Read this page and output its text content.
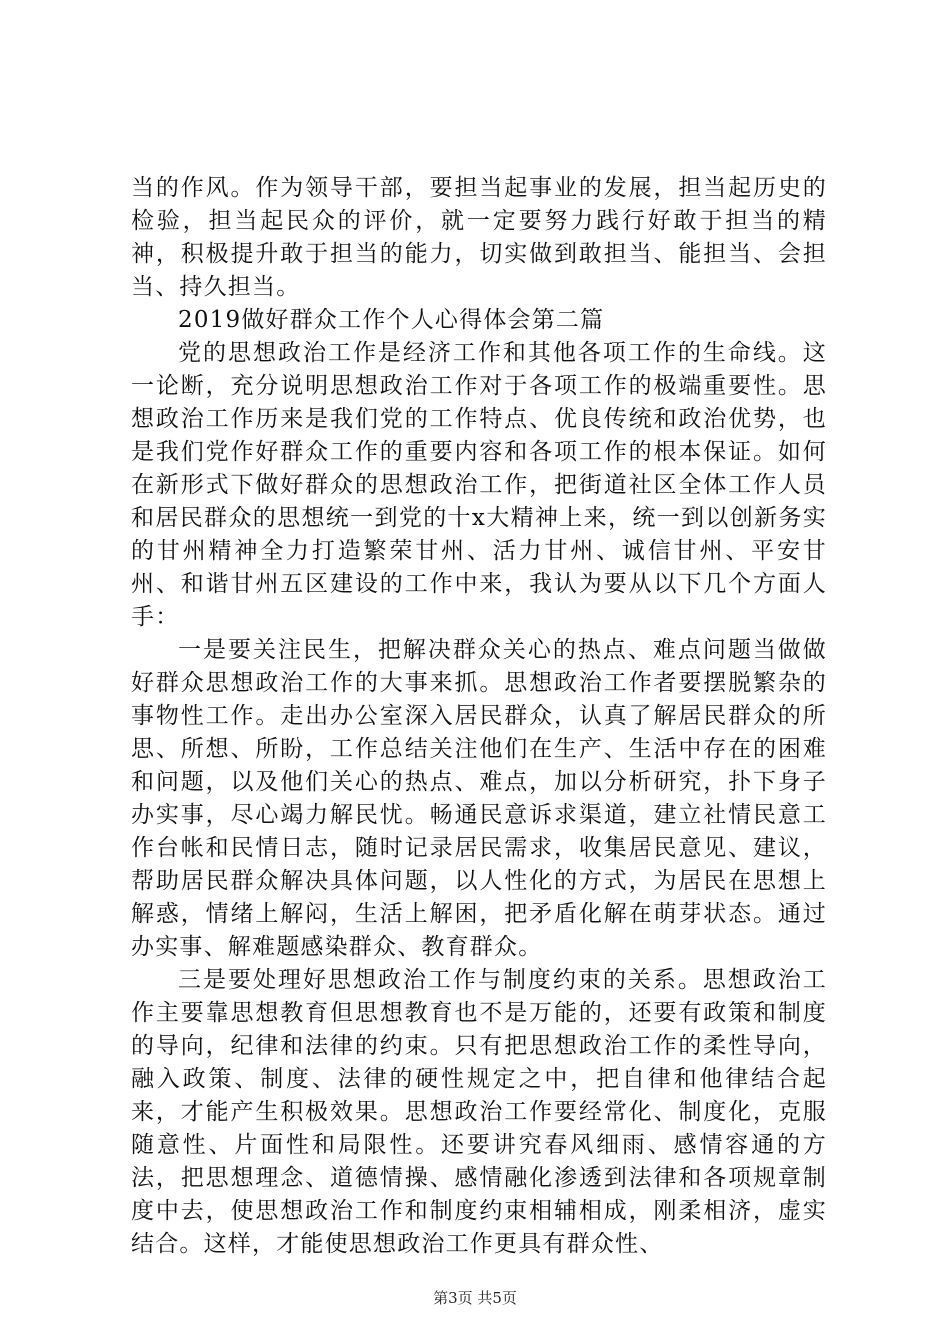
当的作风。作为领导干部，要担当起事业的发展，担当起历史的检验，担当起民众的评价，就一定要努力践行好敢于担当的精神，积极提升敢于担当的能力，切实做到敢担当、能担当、会担当、持久担当。

2019做好群众工作个人心得体会第二篇

党的思想政治工作是经济工作和其他各项工作的生命线。这一论断，充分说明思想政治工作对于各项工作的极端重要性。思想政治工作历来是我们党的工作特点、优良传统和政治优势，也是我们党作好群众工作的重要内容和各项工作的根本保证。如何在新形式下做好群众的思想政治工作，把街道社区全体工作人员和居民群众的思想统一到党的十x大精神上来，统一到以创新务实的甘州精神全力打造繁荣甘州、活力甘州、诚信甘州、平安甘州、和谐甘州五区建设的工作中来，我认为要从以下几个方面人手：

一是要关注民生，把解决群众关心的热点、难点问题当做做好群众思想政治工作的大事来抓。思想政治工作者要摆脱繁杂的事物性工作。走出办公室深入居民群众，认真了解居民群众的所思、所想、所盼，工作总结关注他们在生产、生活中存在的困难和问题，以及他们关心的热点、难点，加以分析研究，扑下身子办实事，尽心竭力解民忧。畅通民意诉求渠道，建立社情民意工作台帐和民情日志，随时记录居民需求，收集居民意见、建议，帮助居民群众解决具体问题，以人性化的方式，为居民在思想上解惑，情绪上解闷，生活上解困，把矛盾化解在萌芽状态。通过办实事、解难题感染群众、教育群众。

三是要处理好思想政治工作与制度约束的关系。思想政治工作主要靠思想教育但思想教育也不是万能的，还要有政策和制度的导向，纪律和法律的约束。只有把思想政治工作的柔性导向，融入政策、制度、法律的硬性规定之中，把自律和他律结合起来，才能产生积极效果。思想政治工作要经常化、制度化，克服随意性、片面性和局限性。还要讲究春风细雨、感情容通的方法，把思想理念、道德情操、感情融化渗透到法律和各项规章制度中去，使思想政治工作和制度约束相辅相成，刚柔相济，虚实结合。这样，才能使思想政治工作更具有群众性、

第3页 共5页
